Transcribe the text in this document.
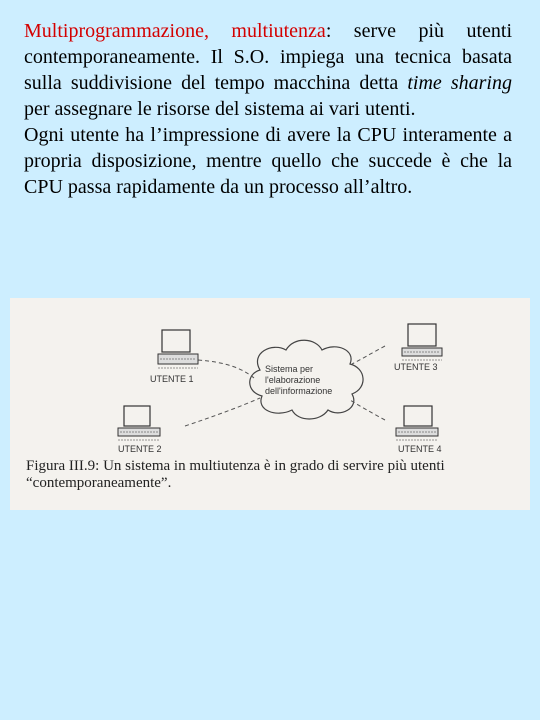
Multiprogrammazione, multiutenza: serve più utenti contemporaneamente. Il S.O. impiega una tecnica basata sulla suddivisione del tempo macchina detta time sharing per assegnare le risorse del sistema ai vari utenti.

Ogni utente ha l’impressione di avere la CPU interamente a propria disposizione, mentre quello che succede è che la CPU passa rapidamente da un processo all’altro.

Sistema per
l'elaborazione
dell'informazione
UTENTE 1
UTENTE 2
UTENTE 3
UTENTE 4
Figura III.9: Un sistema in multiutenza è in grado di servire più utenti “contemporaneamente”.
